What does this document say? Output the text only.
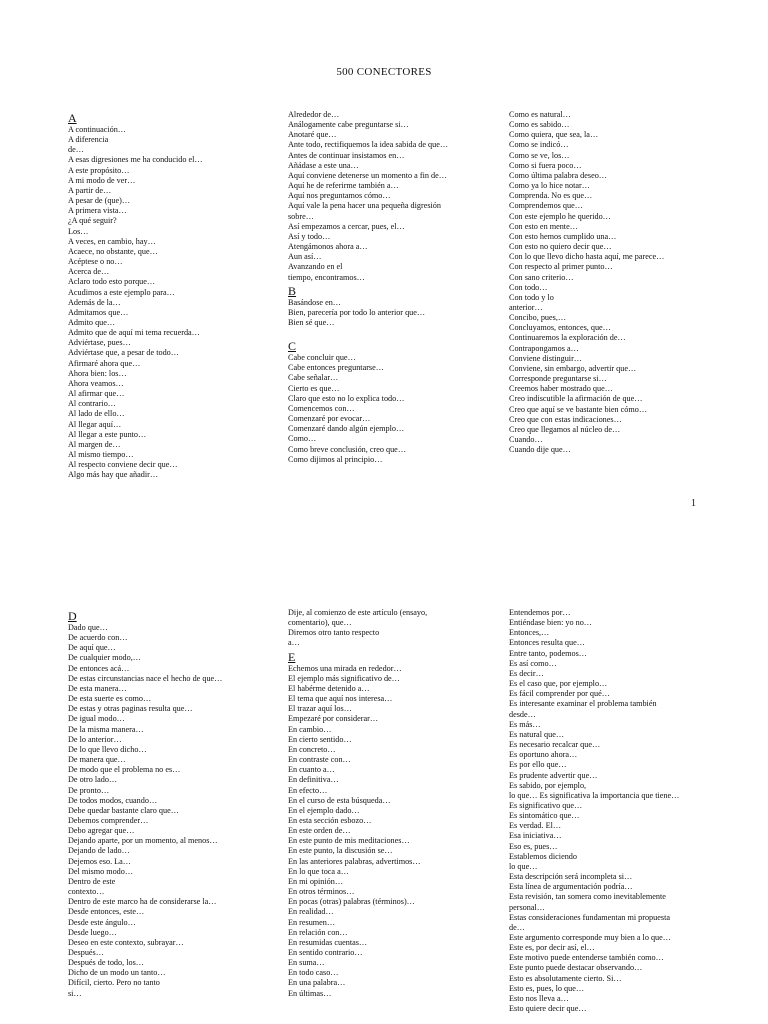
500 CONECTORES
A
A continuación…
A diferencia
de…
A esas digresiones me ha conducido el…
A este propósito…
A mi modo de ver…
A partir de…
A pesar de (que)…
A primera vista…
¿A qué seguir?
Los…
A veces, en cambio, hay…
Acaece, no obstante, que…
Acéptese o no…
Acerca de…
Aclaro todo esto porque…
Acudimos a este ejemplo para…
Además de la…
Admitamos que…
Admito que…
Admito que de aquí mi tema recuerda…
Adviértase, pues…
Adviértase que, a pesar de todo…
Afirmaré ahora que…
Ahora bien: los…
Ahora veamos…
Al afirmar que…
Al contrario…
Al lado de ello…
Al llegar aquí…
Al llegar a este punto…
Al margen de…
Al mismo tiempo…
Al respecto conviene decir que…
Algo más hay que añadir…
Alrededor de…
Análogamente cabe preguntarse si…
Anotaré que…
Ante todo, rectifiquemos la idea sabida de que…
Antes de continuar insistamos en…
Añádase a este una…
Aquí conviene detenerse un momento a fin de…
Aquí he de referirme también a…
Aquí nos preguntamos cómo…
Aquí vale la pena hacer una pequeña digresión
sobre…
Así empezamos a cercar, pues, el…
Así y todo…
Atengámonos ahora a…
Aun así…
Avanzando en el
tiempo, encontramos…
B
Basándose en…
Bien, parecería por todo lo anterior que…
Bien sé que…
C
Cabe concluir que…
Cabe entonces preguntarse…
Cabe señalar…
Cierto es que…
Claro que esto no lo explica todo…
Comencemos con…
Comenzaré por evocar…
Comenzaré dando algún ejemplo…
Como…
Como breve conclusión, creo que…
Como dijimos al principio…
Como es natural…
Como es sabido…
Como quiera, que sea, la…
Como se indicó…
Como se ve, los…
Como si fuera poco…
Como última palabra deseo…
Como ya lo hice notar…
Comprenda. No es que…
Comprendemos que…
Con este ejemplo he querido…
Con esto en mente…
Con esto hemos cumplido una…
Con esto no quiero decir que…
Con lo que llevo dicho hasta aquí, me parece…
Con respecto al primer punto…
Con sano criterio…
Con todo…
Con todo y lo
anterior…
Concibo, pues,…
Concluyamos, entonces, que…
Continuaremos la exploración de…
Contrapongamos a…
Conviene distinguir…
Conviene, sin embargo, advertir que…
Corresponde preguntarse si…
Creemos haber mostrado que…
Creo indiscutible la afirmación de que…
Creo que aquí se ve bastante bien cómo…
Creo que con estas indicaciones…
Creo que llegamos al núcleo de…
Cuando…
Cuando dije que…
D
Dado que…
De acuerdo con…
De aquí que…
De cualquier modo,…
De entonces acá…
De estas circunstancias nace el hecho de que…
De esta manera…
De esta suerte es como…
De estas y otras paginas resulta que…
De igual modo…
De la misma manera…
De lo anterior…
De lo que llevo dicho…
De manera que…
De modo que el problema no es…
De otro lado…
De pronto…
De todos modos, cuando…
Debe quedar bastante claro que…
Debemos comprender…
Debo agregar que…
Dejando aparte, por un momento, al menos…
Dejando de lado…
Dejemos eso. La…
Del mismo modo…
Dentro de este
contexto…
Dentro de este marco ha de considerarse la…
Desde entonces, este…
Desde este ángulo…
Desde luego…
Deseo en este contexto, subrayar…
Después…
Después de todo, los…
Dicho de un modo un tanto…
Difícil, cierto. Pero no tanto
si…
Dije, al comienzo de este artículo (ensayo,
comentario), que…
Diremos otro tanto respecto
a…
E
Echemos una mirada en rededor…
El ejemplo más significativo de…
El habérme detenido a…
El tema que aquí nos interesa…
El trazar aquí los…
Empezaré por considerar…
En cambio…
En cierto sentido…
En concreto…
En contraste con…
En cuanto a…
En definitiva…
En efecto…
En el curso de esta búsqueda…
En el ejemplo dado…
En esta sección esbozo…
En este orden de…
En este punto de mis meditaciones…
En este punto, la discusión se…
En las anteriores palabras, advertimos…
En lo que toca a…
En mi opinión…
En otros términos…
En pocas (otras) palabras (términos)…
En realidad…
En resumen…
En relación con…
En resumidas cuentas…
En sentido contrario…
En suma…
En todo caso…
En una palabra…
En últimas…
Entendemos por…
Entiéndase bien: yo no…
Entonces,…
Entonces resulta que…
Entre tanto, podemos…
Es así como…
Es decir…
Es el caso que, por ejemplo…
Es fácil comprender por qué…
Es interesante examinar el problema también
desde…
Es más…
Es natural que…
Es necesario recalcar que…
Es oportuno ahora…
Es por ello que…
Es prudente advertir que…
Es sabido, por ejemplo,
lo que… Es significativa la importancia que tiene…
Es significativo que…
Es sintomático que…
Es verdad. El…
Esa iniciativa…
Eso es, pues…
Establemos diciendo
lo que…
Esta descripción será incompleta si…
Esta línea de argumentación podría…
Esta revisión, tan somera como inevitablemente
personal…
Estas consideraciones fundamentan mi propuesta
de…
Este argumento corresponde muy bien a lo que…
Este es, por decir así, el…
Este motivo puede entenderse también como…
Este punto puede destacar observando…
Esto es absolutamente cierto. Si…
Esto es, pues, lo que…
Esto nos lleva a…
Esto quiere decir que…
1
